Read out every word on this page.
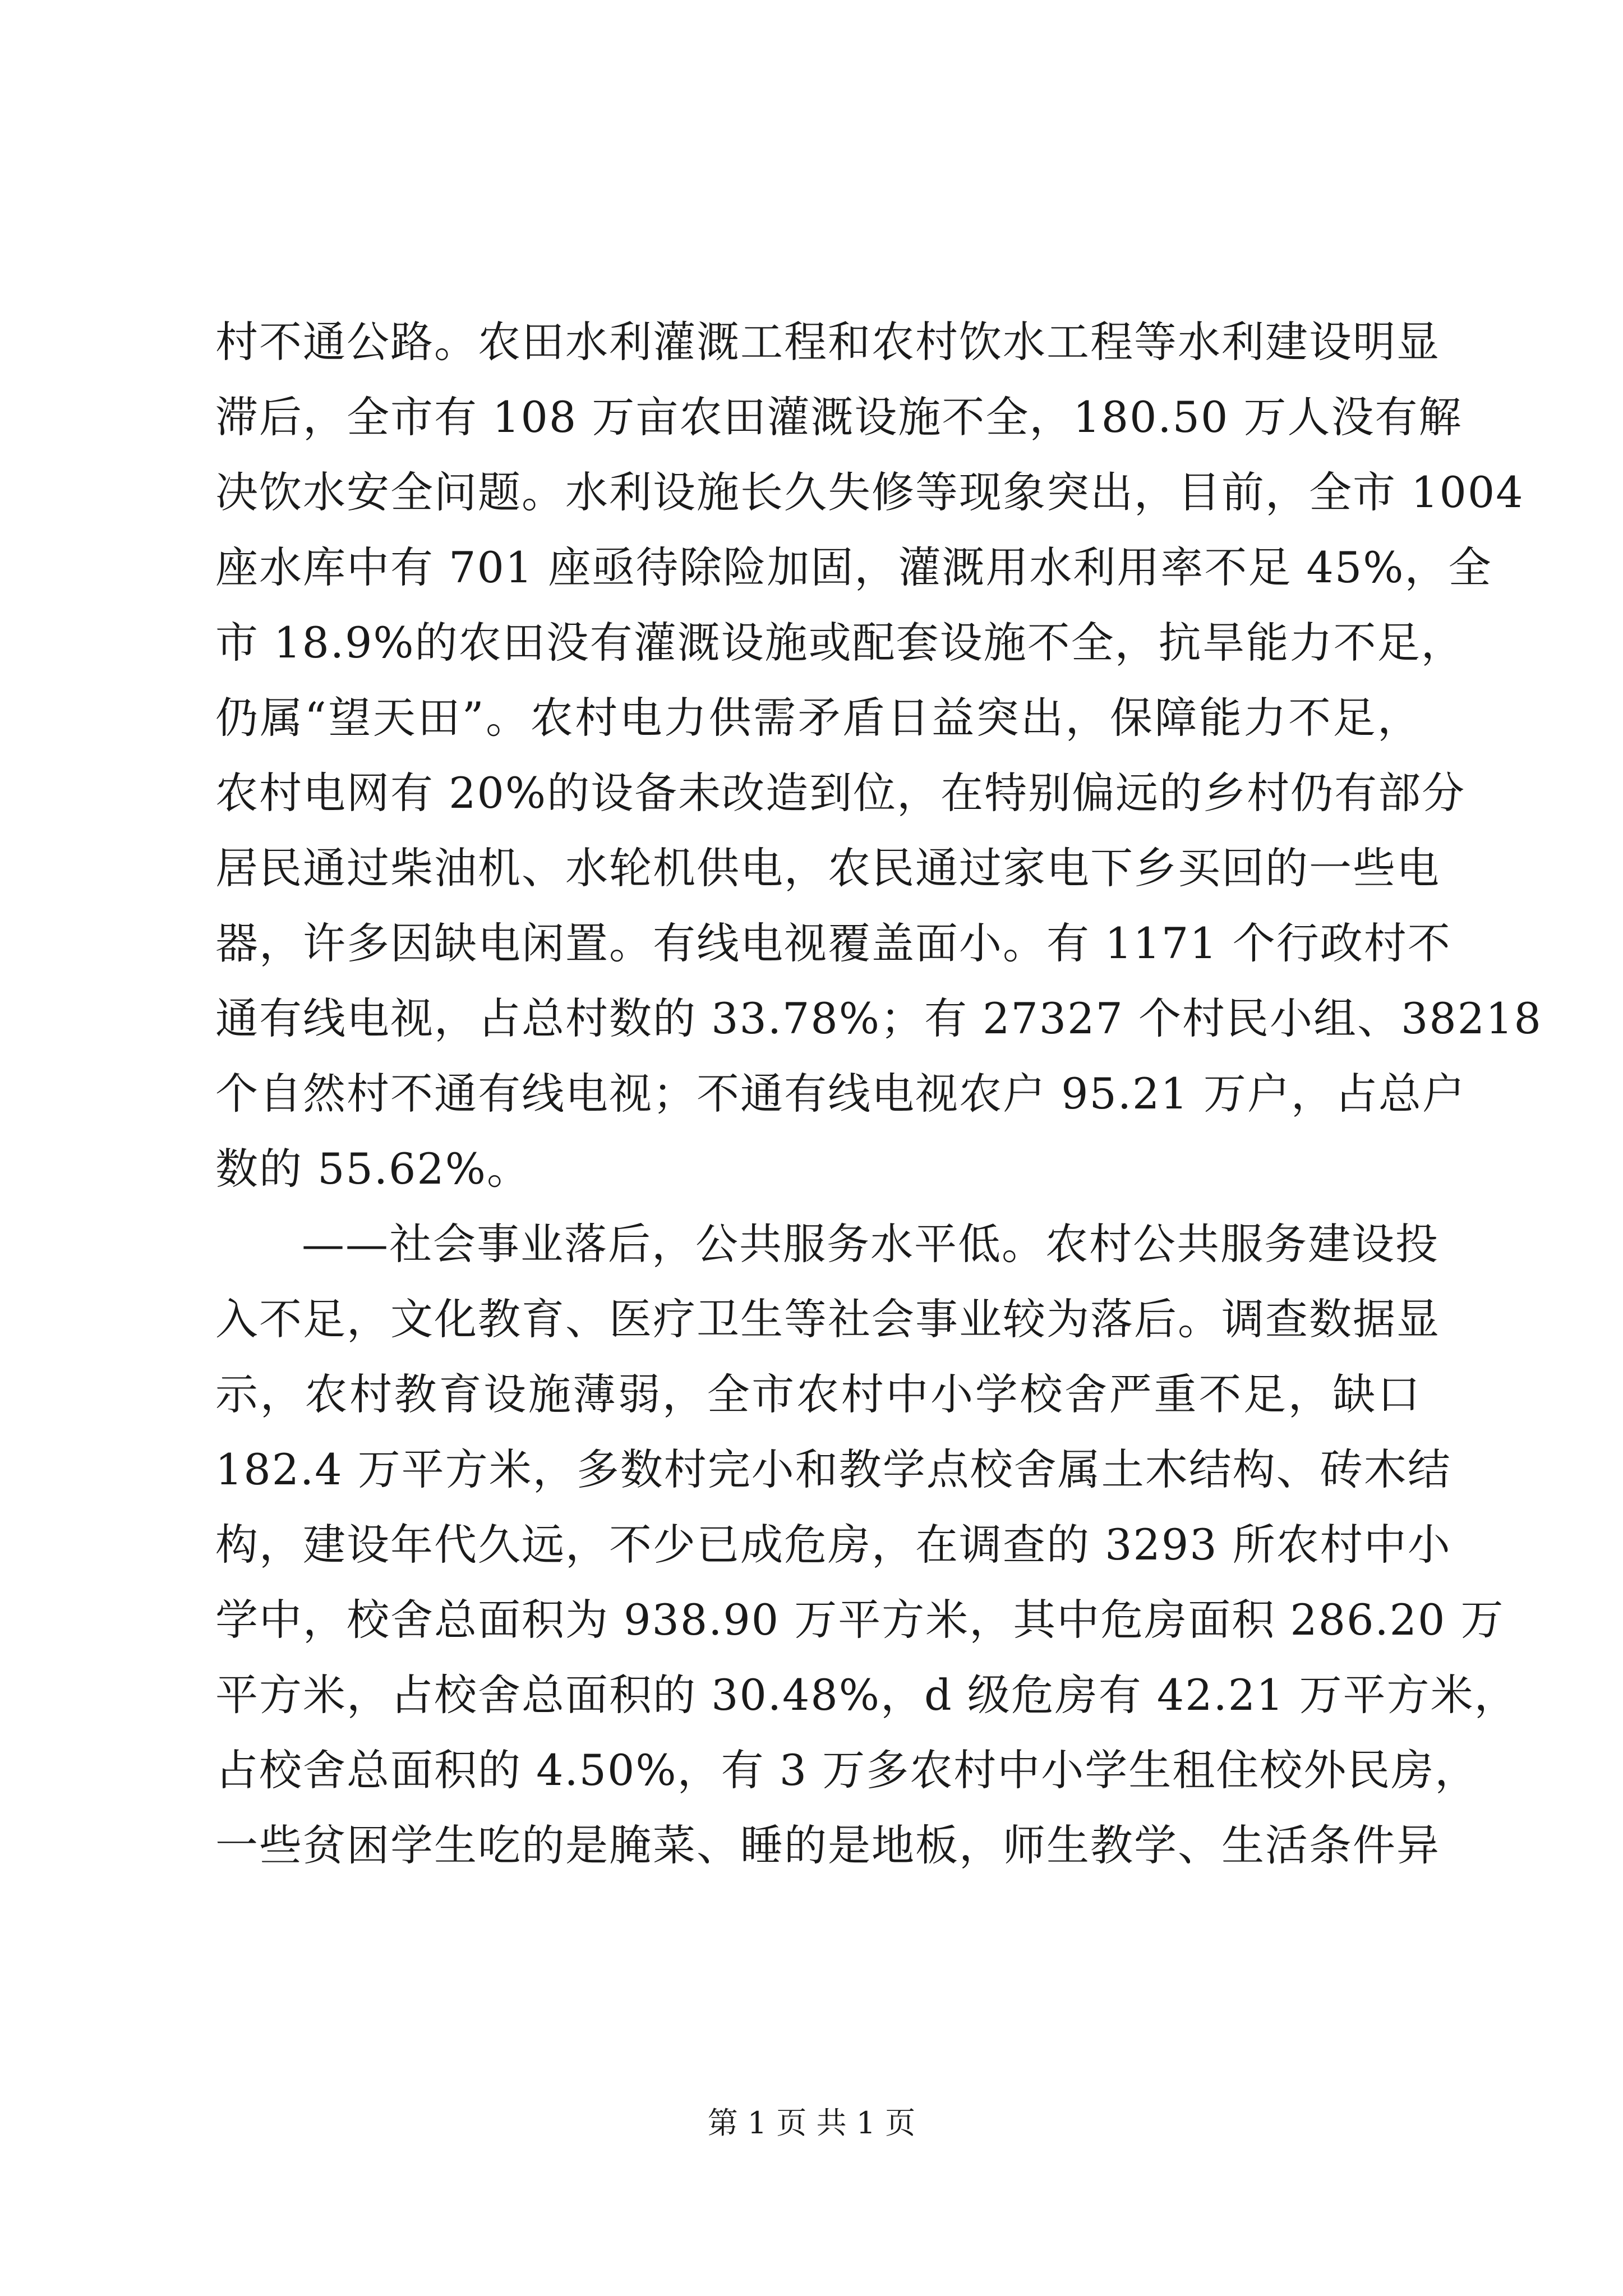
村不通公路。农田水利灌溉工程和农村饮水工程等水利建设明显
滞后，全市有 108 万亩农田灌溉设施不全，180.50 万人没有解
决饮水安全问题。水利设施长久失修等现象突出，目前，全市 1004
座水库中有 701 座亟待除险加固，灌溉用水利用率不足 45%，全
市 18.9%的农田没有灌溉设施或配套设施不全，抗旱能力不足，
仍属“望天田”。农村电力供需矛盾日益突出，保障能力不足，
农村电网有 20%的设备未改造到位，在特别偏远的乡村仍有部分
居民通过柴油机、水轮机供电，农民通过家电下乡买回的一些电
器，许多因缺电闲置。有线电视覆盖面小。有 1171 个行政村不
通有线电视，占总村数的 33.78%；有 27327 个村民小组、38218
个自然村不通有线电视；不通有线电视农户 95.21 万户，占总户
数的 55.62%。
——社会事业落后，公共服务水平低。农村公共服务建设投
入不足，文化教育、医疗卫生等社会事业较为落后。调查数据显
示，农村教育设施薄弱，全市农村中小学校舍严重不足，缺口
182.4 万平方米，多数村完小和教学点校舍属土木结构、砖木结
构，建设年代久远，不少已成危房，在调查的 3293 所农村中小
学中，校舍总面积为 938.90 万平方米，其中危房面积 286.20 万
平方米，占校舍总面积的 30.48%，d 级危房有 42.21 万平方米，
占校舍总面积的 4.50%，有 3 万多农村中小学生租住校外民房，
一些贫困学生吃的是腌菜、睡的是地板，师生教学、生活条件异
第 1 页 共 1 页
